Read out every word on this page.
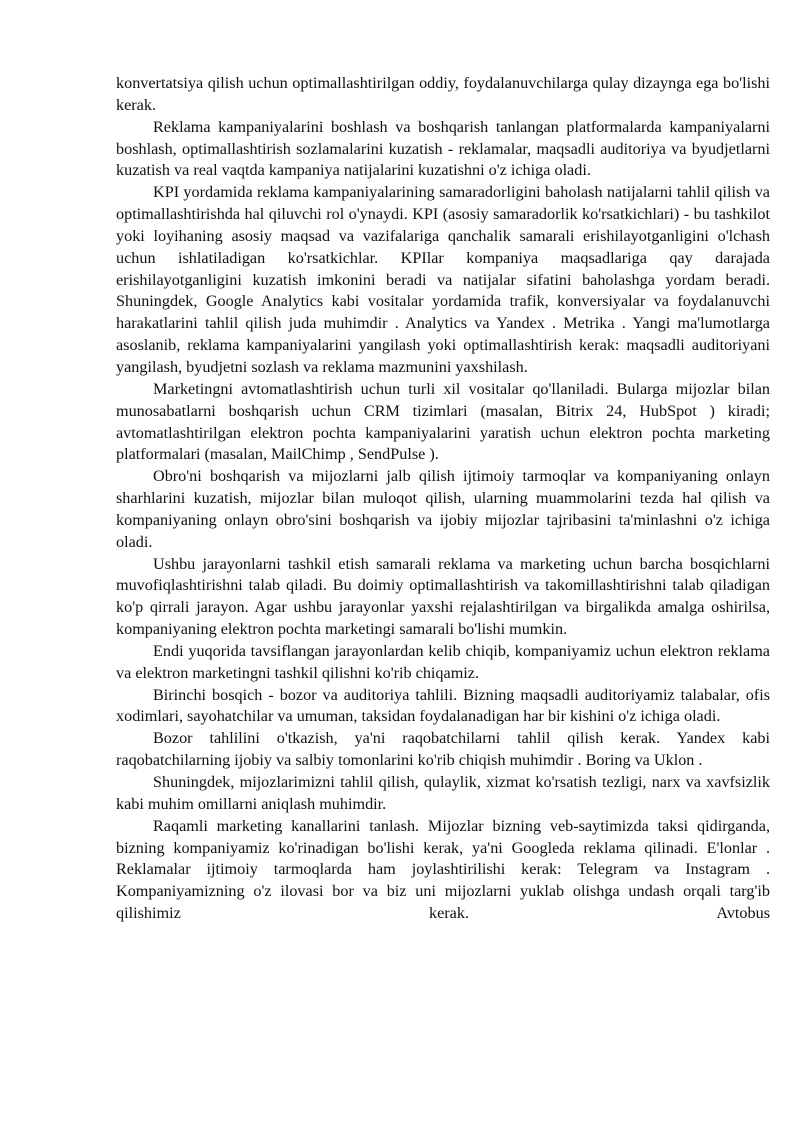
konvertatsiya qilish uchun optimallashtirilgan oddiy, foydalanuvchilarga qulay dizaynga ega bo'lishi kerak.

Reklama kampaniyalarini boshlash va boshqarish tanlangan platformalarda kampaniyalarni boshlash, optimallashtirish sozlamalarini kuzatish - reklamalar, maqsadli auditoriya va byudjetlarni kuzatish va real vaqtda kampaniya natijalarini kuzatishni o'z ichiga oladi.

KPI yordamida reklama kampaniyalarining samaradorligini baholash natijalarni tahlil qilish va optimallashtirishda hal qiluvchi rol o'ynaydi. KPI (asosiy samaradorlik ko'rsatkichlari) - bu tashkilot yoki loyihaning asosiy maqsad va vazifalariga qanchalik samarali erishilayotganligini o'lchash uchun ishlatiladigan ko'rsatkichlar. KPIlar kompaniya maqsadlariga qay darajada erishilayotganligini kuzatish imkonini beradi va natijalar sifatini baholashga yordam beradi. Shuningdek, Google Analytics kabi vositalar yordamida trafik, konversiyalar va foydalanuvchi harakatlarini tahlil qilish juda muhimdir . Analytics va Yandex . Metrika . Yangi ma'lumotlarga asoslanib, reklama kampaniyalarini yangilash yoki optimallashtirish kerak: maqsadli auditoriyani yangilash, byudjetni sozlash va reklama mazmunini yaxshilash.

Marketingni avtomatlashtirish uchun turli xil vositalar qo'llaniladi. Bularga mijozlar bilan munosabatlarni boshqarish uchun CRM tizimlari (masalan, Bitrix 24, HubSpot ) kiradi; avtomatlashtirilgan elektron pochta kampaniyalarini yaratish uchun elektron pochta marketing platformalari (masalan, MailChimp , SendPulse ).

Obro'ni boshqarish va mijozlarni jalb qilish ijtimoiy tarmoqlar va kompaniyaning onlayn sharhlarini kuzatish, mijozlar bilan muloqot qilish, ularning muammolarini tezda hal qilish va kompaniyaning onlayn obro'sini boshqarish va ijobiy mijozlar tajribasini ta'minlashni o'z ichiga oladi.

Ushbu jarayonlarni tashkil etish samarali reklama va marketing uchun barcha bosqichlarni muvofiqlashtirishni talab qiladi. Bu doimiy optimallashtirish va takomillashtirishni talab qiladigan ko'p qirrali jarayon. Agar ushbu jarayonlar yaxshi rejalashtirilgan va birgalikda amalga oshirilsa, kompaniyaning elektron pochta marketingi samarali bo'lishi mumkin.

Endi yuqorida tavsiflangan jarayonlardan kelib chiqib, kompaniyamiz uchun elektron reklama va elektron marketingni tashkil qilishni ko'rib chiqamiz.

Birinchi bosqich - bozor va auditoriya tahlili. Bizning maqsadli auditoriyamiz talabalar, ofis xodimlari, sayohatchilar va umuman, taksidan foydalanadigan har bir kishini o'z ichiga oladi.

Bozor tahlilini o'tkazish, ya'ni raqobatchilarni tahlil qilish kerak. Yandex kabi raqobatchilarning ijobiy va salbiy tomonlarini ko'rib chiqish muhimdir . Boring va Uklon .

Shuningdek, mijozlarimizni tahlil qilish, qulaylik, xizmat ko'rsatish tezligi, narx va xavfsizlik kabi muhim omillarni aniqlash muhimdir.

Raqamli marketing kanallarini tanlash. Mijozlar bizning veb-saytimizda taksi qidirganda, bizning kompaniyamiz ko'rinadigan bo'lishi kerak, ya'ni Googleda reklama qilinadi. E'lonlar . Reklamalar ijtimoiy tarmoqlarda ham joylashtirilishi kerak: Telegram va Instagram . Kompaniyamizning o'z ilovasi bor va biz uni mijozlarni yuklab olishga undash orqali targ'ib qilishimiz kerak. Avtobus
